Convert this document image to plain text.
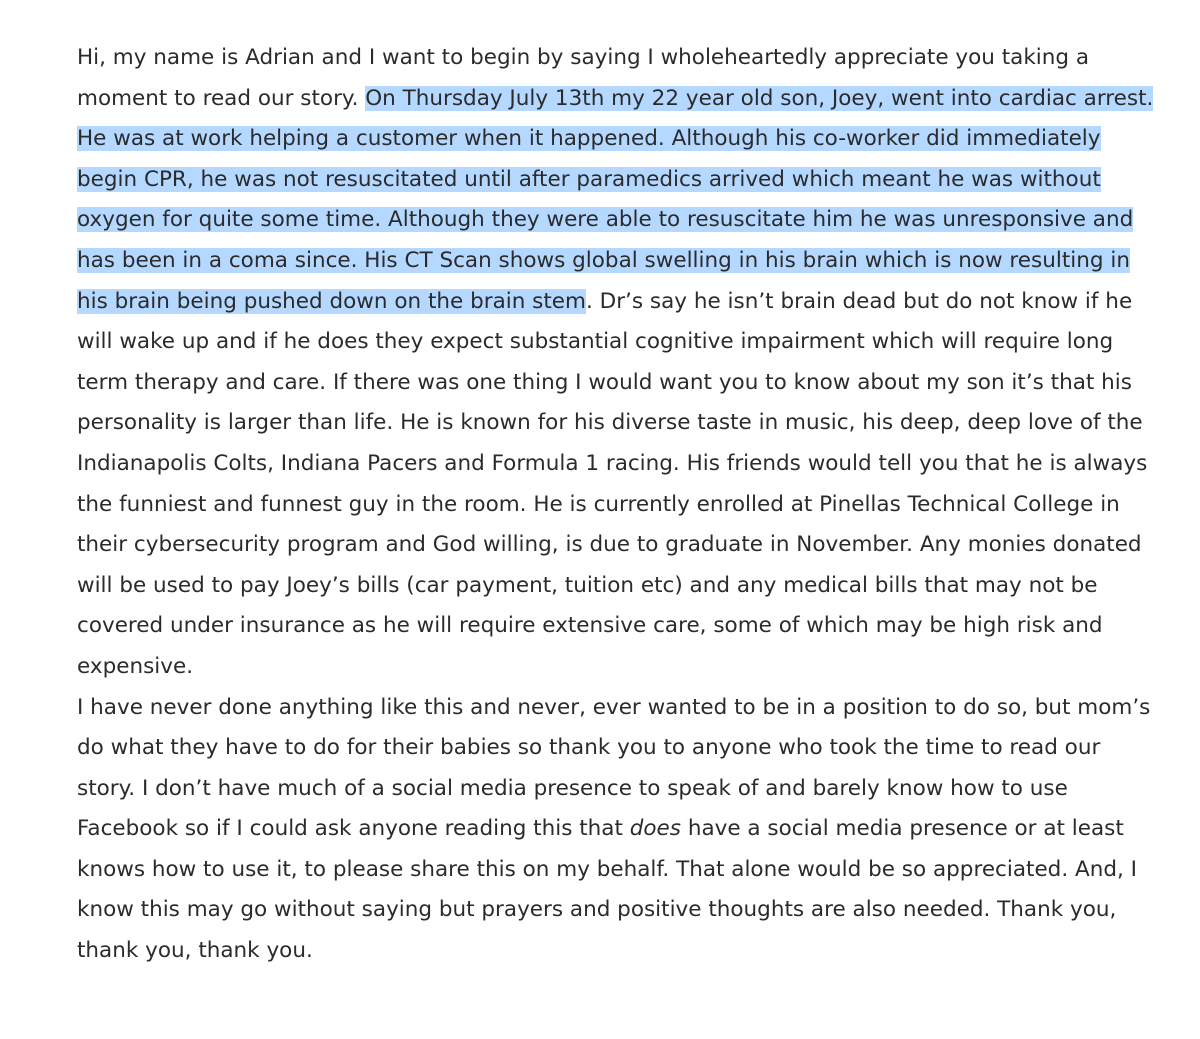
Hi, my name is Adrian and I want to begin by saying I wholeheartedly appreciate you taking a moment to read our story. On Thursday July 13th my 22 year old son, Joey, went into cardiac arrest. He was at work helping a customer when it happened. Although his co-worker did immediately begin CPR, he was not resuscitated until after paramedics arrived which meant he was without oxygen for quite some time. Although they were able to resuscitate him he was unresponsive and has been in a coma since. His CT Scan shows global swelling in his brain which is now resulting in his brain being pushed down on the brain stem. Dr’s say he isn’t brain dead but do not know if he will wake up and if he does they expect substantial cognitive impairment which will require long term therapy and care. If there was one thing I would want you to know about my son it’s that his personality is larger than life. He is known for his diverse taste in music, his deep, deep love of the Indianapolis Colts, Indiana Pacers and Formula 1 racing. His friends would tell you that he is always the funniest and funnest guy in the room. He is currently enrolled at Pinellas Technical College in their cybersecurity program and God willing, is due to graduate in November. Any monies donated will be used to pay Joey’s bills (car payment, tuition etc) and any medical bills that may not be covered under insurance as he will require extensive care, some of which may be high risk and expensive.

I have never done anything like this and never, ever wanted to be in a position to do so, but mom’s do what they have to do for their babies so thank you to anyone who took the time to read our story. I don’t have much of a social media presence to speak of and barely know how to use Facebook so if I could ask anyone reading this that does have a social media presence or at least knows how to use it, to please share this on my behalf. That alone would be so appreciated. And, I know this may go without saying but prayers and positive thoughts are also needed. Thank you, thank you, thank you.
